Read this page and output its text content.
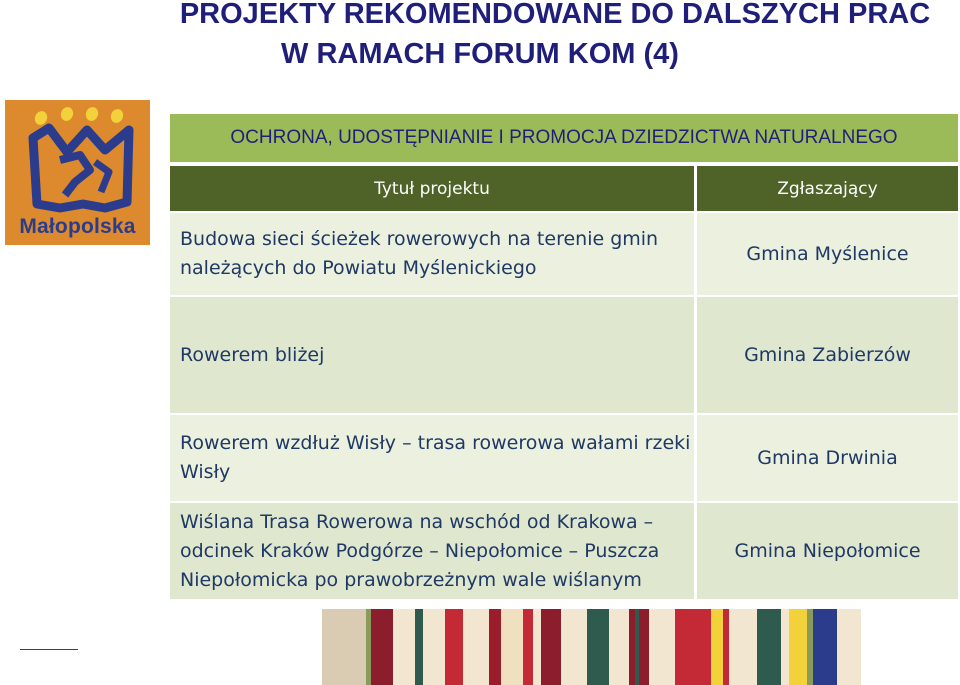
PROJEKTY REKOMENDOWANE DO DALSZYCH PRAC
W RAMACH FORUM KOM (4)
Małopolska
OCHRONA, UDOSTĘPNIANIE I PROMOCJA DZIEDZICTWA NATURALNEGO
Tytuł projektu	Zgłaszający
Budowa sieci ścieżek rowerowych na terenie gmin należących do Powiatu Myślenickiego
Gmina Myślenice
Rowerem bliżej	Gmina Zabierzów
Rowerem wzdłuż Wisły – trasa rowerowa wałami rzeki Wisły
Gmina Drwinia
Wiślana Trasa Rowerowa na wschód od Krakowa – odcinek Kraków Podgórze – Niepołomice – Puszcza Niepołomicka po prawobrzeżnym wale wiślanym
Gmina Niepołomice
